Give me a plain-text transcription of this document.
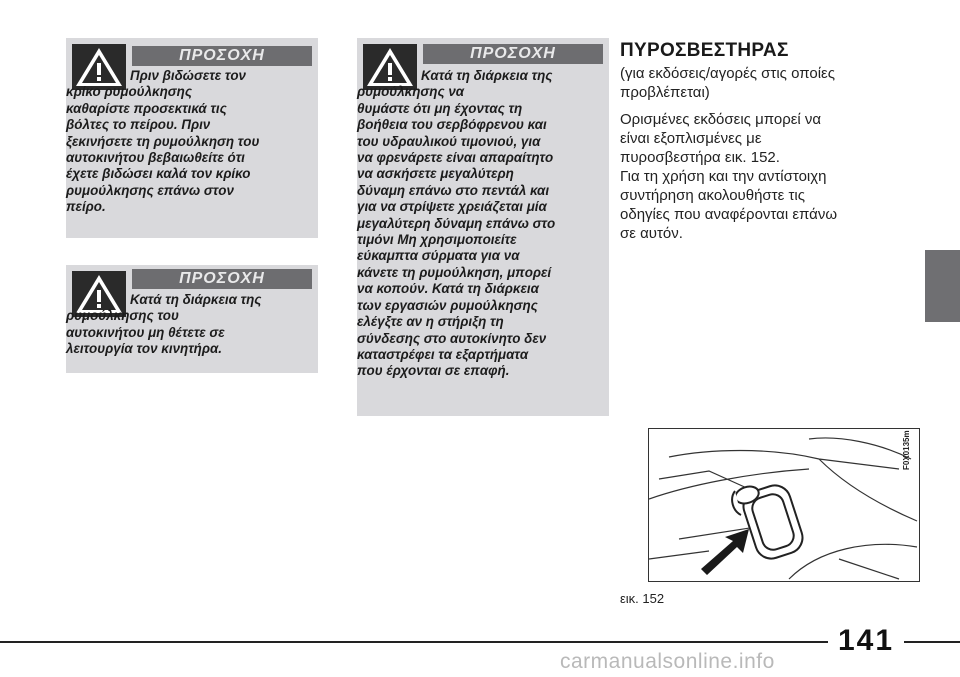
ΠΡΟΣΟΧΗ
Πριν βιδώσετε τον
κρίκο ρυμούλκησης
καθαρίστε προσεκτικά τις
βόλτες το πείρου. Πριν
ξεκινήσετε τη ρυμούλκηση του
αυτοκινήτου βεβαιωθείτε ότι
έχετε βιδώσει καλά τον κρίκο
ρυμούλκησης επάνω στον
πείρο.
ΠΡΟΣΟΧΗ
Κατά τη διάρκεια της
ρυμούλκησης του
αυτοκινήτου μη θέτετε σε
λειτουργία τον κινητήρα.
ΠΡΟΣΟΧΗ
Κατά τη διάρκεια της
ρυμούλκησης να
θυμάστε ότι μη έχοντας τη
βοήθεια του σερβόφρενου και
του υδραυλικού τιμονιού, για
να φρενάρετε είναι απαραίτητο
να ασκήσετε μεγαλύτερη
δύναμη επάνω στο πεντάλ και
για να στρίψετε χρειάζεται μία
μεγαλύτερη δύναμη επάνω στο
τιμόνι Μη χρησιμοποιείτε
εύκαμπτα σύρματα για να
κάνετε τη ρυμούλκηση, μπορεί
να κοπούν. Κατά τη διάρκεια
των εργασιών ρυμούλκησης
ελέγξτε αν η στήριξη τη
σύνδεσης στο αυτοκίνητο δεν
καταστρέφει τα εξαρτήματα
που έρχονται σε επαφή.
ΠΥΡΟΣΒΕΣΤΗΡΑΣ
(για εκδόσεις/αγορές στις οποίες
προβλέπεται)
Ορισμένες εκδόσεις μπορεί να
είναι εξοπλισμένες με
πυροσβεστήρα εικ. 152.
Για τη χρήση και την αντίστοιχη
συντήρηση ακολουθήστε τις
οδηγίες που αναφέρονται επάνω
σε αυτόν.
F0X0135m
εικ. 152
141
carmanualsonline.info
